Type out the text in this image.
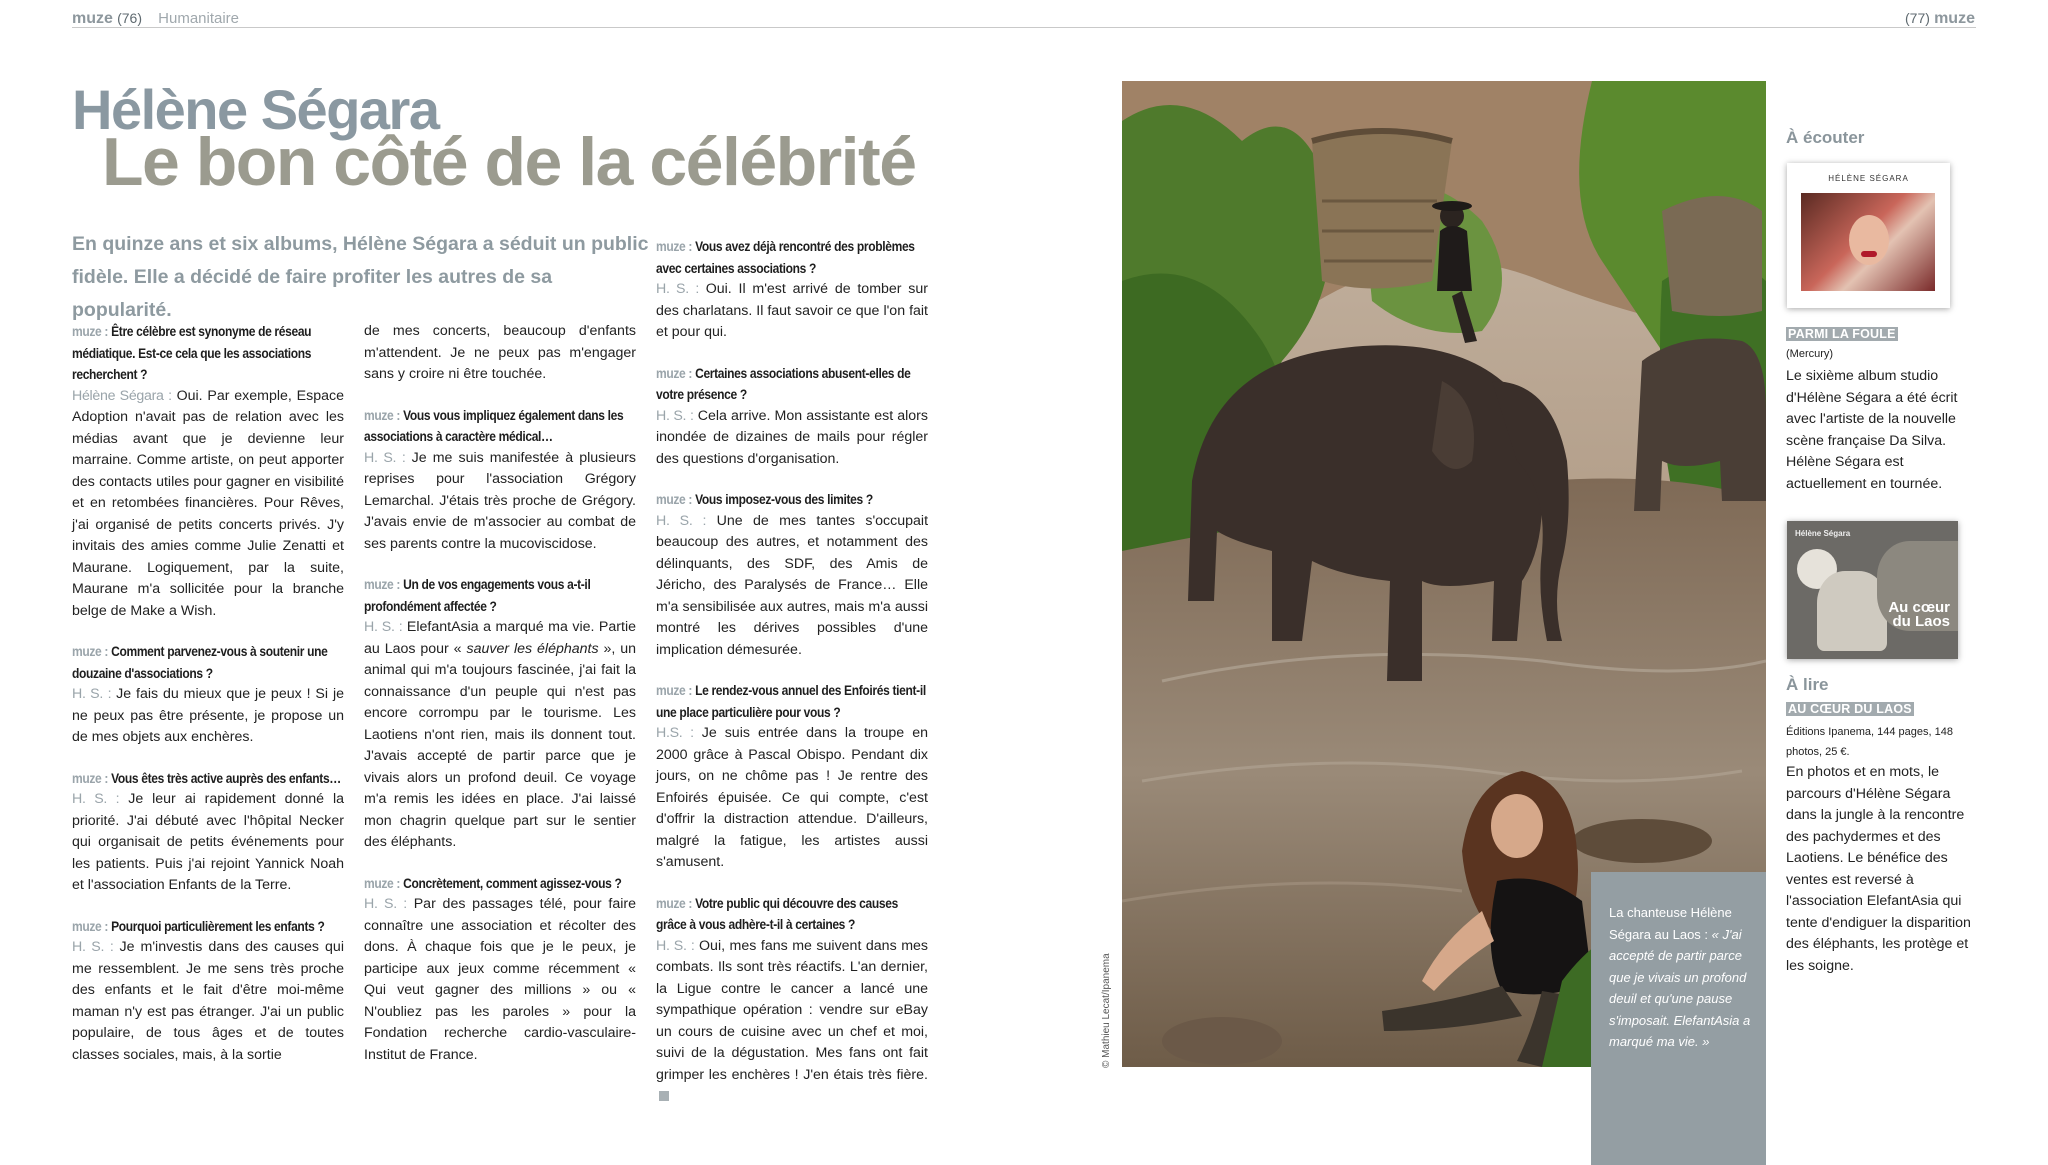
muze (76) Humanitaire	(77) muze
Hélène Ségara
Le bon côté de la célébrité
En quinze ans et six albums, Hélène Ségara a séduit un public fidèle. Elle a décidé de faire profiter les autres de sa popularité.

muze : Être célèbre est synonyme de réseau médiatique. Est-ce cela que les associations recherchent ?
Hélène Ségara : Oui. Par exemple, Espace Adoption n'avait pas de relation avec les médias avant que je devienne leur marraine. Comme artiste, on peut apporter des contacts utiles pour gagner en visibilité et en retombées financières. Pour Rêves, j'ai organisé de petits concerts privés. J'y invitais des amies comme Julie Zenatti et Maurane. Logiquement, par la suite, Maurane m'a sollicitée pour la branche belge de Make a Wish.

muze : Comment parvenez-vous à soutenir une douzaine d'associations ?
H. S. : Je fais du mieux que je peux ! Si je ne peux pas être présente, je propose un de mes objets aux enchères.

muze : Vous êtes très active auprès des enfants…
H. S. : Je leur ai rapidement donné la priorité. J'ai débuté avec l'hôpital Necker qui organisait de petits événements pour les patients. Puis j'ai rejoint Yannick Noah et l'association Enfants de la Terre.

muze : Pourquoi particulièrement les enfants ?
H. S. : Je m'investis dans des causes qui me ressemblent. Je me sens très proche des enfants et le fait d'être moi-même maman n'y est pas étranger. J'ai un public populaire, de tous âges et de toutes classes sociales, mais, à la sortie

de mes concerts, beaucoup d'enfants m'attendent. Je ne peux pas m'engager sans y croire ni être touchée.

muze : Vous vous impliquez également dans les associations à caractère médical…
H. S. : Je me suis manifestée à plusieurs reprises pour l'association Grégory Lemarchal. J'étais très proche de Grégory. J'avais envie de m'associer au combat de ses parents contre la mucoviscidose.

muze : Un de vos engagements vous a-t-il profondément affectée ?
H. S. : ElefantAsia a marqué ma vie. Partie au Laos pour « sauver les éléphants », un animal qui m'a toujours fascinée, j'ai fait la connaissance d'un peuple qui n'est pas encore corrompu par le tourisme. Les Laotiens n'ont rien, mais ils donnent tout. J'avais accepté de partir parce que je vivais alors un profond deuil. Ce voyage m'a remis les idées en place. J'ai laissé mon chagrin quelque part sur le sentier des éléphants.

muze : Concrètement, comment agissez-vous ?
H. S. : Par des passages télé, pour faire connaître une association et récolter des dons. À chaque fois que je le peux, je participe aux jeux comme récemment « Qui veut gagner des millions » ou « N'oubliez pas les paroles » pour la Fondation recherche cardio-vasculaire-Institut de France.

muze : Vous avez déjà rencontré des problèmes avec certaines associations ?
H. S. : Oui. Il m'est arrivé de tomber sur des charlatans. Il faut savoir ce que l'on fait et pour qui.

muze : Certaines associations abusent-elles de votre présence ?
H. S. : Cela arrive. Mon assistante est alors inondée de dizaines de mails pour régler des questions d'organisation.

muze : Vous imposez-vous des limites ?
H. S. : Une de mes tantes s'occupait beaucoup des autres, et notamment des délinquants, des SDF, des Amis de Jéricho, des Paralysés de France… Elle m'a sensibilisée aux autres, mais m'a aussi montré les dérives possibles d'une implication démesurée.

muze : Le rendez-vous annuel des Enfoirés tient-il une place particulière pour vous ?
H.S. : Je suis entrée dans la troupe en 2000 grâce à Pascal Obispo. Pendant dix jours, on ne chôme pas ! Je rentre des Enfoirés épuisée. Ce qui compte, c'est d'offrir la distraction attendue. D'ailleurs, malgré la fatigue, les artistes aussi s'amusent.

muze : Votre public qui découvre des causes grâce à vous adhère-t-il à certaines ?
H. S. : Oui, mes fans me suivent dans mes combats. Ils sont très réactifs. L'an dernier, la Ligue contre le cancer a lancé une sympathique opération : vendre sur eBay un cours de cuisine avec un chef et moi, suivi de la dégustation. Mes fans ont fait grimper les enchères ! J'en étais très fière.

© Mathieu Lecat/Ipanema
La chanteuse Hélène Ségara au Laos : « J'ai accepté de partir parce que je vivais un profond deuil et qu'une pause s'imposait. ElefantAsia a marqué ma vie. »
À écouter
HÉLÈNE SÉGARA
PARMI LA FOULE
(Mercury)
Le sixième album studio d'Hélène Ségara a été écrit avec l'artiste de la nouvelle scène française Da Silva. Hélène Ségara est actuellement en tournée.
Hélène Ségara
Au cœur du Laos
À lire
AU CŒUR DU LAOS
Éditions Ipanema, 144 pages, 148 photos, 25 €.
En photos et en mots, le parcours d'Hélène Ségara dans la jungle à la rencontre des pachydermes et des Laotiens. Le bénéfice des ventes est reversé à l'association ElefantAsia qui tente d'endiguer la disparition des éléphants, les protège et les soigne.
